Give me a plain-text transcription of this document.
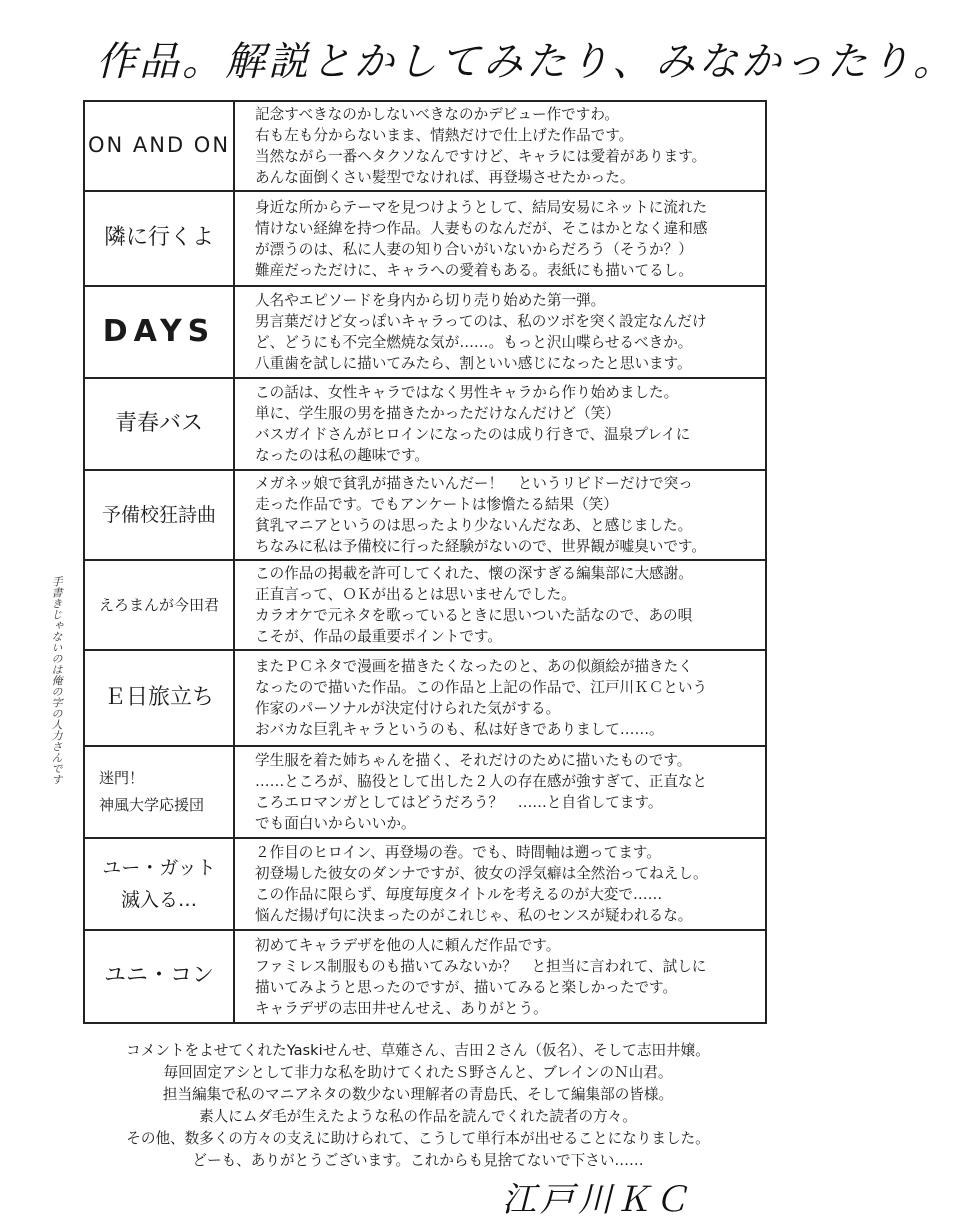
作品。解説とかしてみたり、みなかったり。
ON AND ON
記念すべきなのかしないべきなのかデビュー作ですわ。
右も左も分からないまま、情熱だけで仕上げた作品です。
当然ながら一番ヘタクソなんですけど、キャラには愛着があります。
あんな面倒くさい髪型でなければ、再登場させたかった。
隣に行くよ
身近な所からテーマを見つけようとして、結局安易にネットに流れた
情けない経緯を持つ作品。人妻ものなんだが、そこはかとなく違和感
が漂うのは、私に人妻の知り合いがいないからだろう（そうか？）
難産だっただけに、キャラへの愛着もある。表紙にも描いてるし。
DAYS
人名やエピソードを身内から切り売り始めた第一弾。
男言葉だけど女っぽいキャラってのは、私のツボを突く設定なんだけ
ど、どうにも不完全燃焼な気が……。もっと沢山喋らせるべきか。
八重歯を試しに描いてみたら、割といい感じになったと思います。
青春バス
この話は、女性キャラではなく男性キャラから作り始めました。
単に、学生服の男を描きたかっただけなんだけど（笑）
バスガイドさんがヒロインになったのは成り行きで、温泉プレイに
なったのは私の趣味です。
予備校狂詩曲
メガネッ娘で貧乳が描きたいんだー！　というリビドーだけで突っ
走った作品です。でもアンケートは惨憺たる結果（笑）
貧乳マニアというのは思ったより少ないんだなあ、と感じました。
ちなみに私は予備校に行った経験がないので、世界観が嘘臭いです。
えろまんが今田君
この作品の掲載を許可してくれた、懐の深すぎる編集部に大感謝。
正直言って、ＯＫが出るとは思いませんでした。
カラオケで元ネタを歌っているときに思いついた話なので、あの唄
こそが、作品の最重要ポイントです。
Ｅ日旅立ち
またＰＣネタで漫画を描きたくなったのと、あの似顔絵が描きたく
なったので描いた作品。この作品と上記の作品で、江戸川ＫＣという
作家のパーソナルが決定付けられた気がする。
おバカな巨乳キャラというのも、私は好きでありまして……。
迷門！
神風大学応援団
学生服を着た姉ちゃんを描く、それだけのために描いたものです。
……ところが、脇役として出した２人の存在感が強すぎて、正直なと
ころエロマンガとしてはどうだろう？　……と自省してます。
でも面白いからいいか。
ユー・ガット
滅入る…
２作目のヒロイン、再登場の巻。でも、時間軸は遡ってます。
初登場した彼女のダンナですが、彼女の浮気癖は全然治ってねえし。
この作品に限らず、毎度毎度タイトルを考えるのが大変で……
悩んだ揚げ句に決まったのがこれじゃ、私のセンスが疑われるな。
ユニ・コン
初めてキャラデザを他の人に頼んだ作品です。
ファミレス制服ものも描いてみないか？　と担当に言われて、試しに
描いてみようと思ったのですが、描いてみると楽しかったです。
キャラデザの志田井せんせえ、ありがとう。
手書きじゃないのは俺の字の人力さんです
コメントをよせてくれたYaskiせんせ、草薙さん、吉田２さん（仮名）、そして志田井嬢。
毎回固定アシとして非力な私を助けてくれたＳ野さんと、ブレインのＮ山君。
担当編集で私のマニアネタの数少ない理解者の青島氏、そして編集部の皆様。
素人にムダ毛が生えたような私の作品を読んでくれた読者の方々。
その他、数多くの方々の支えに助けられて、こうして単行本が出せることになりました。
どーも、ありがとうございます。これからも見捨てないで下さい……
江戸川ＫＣ
